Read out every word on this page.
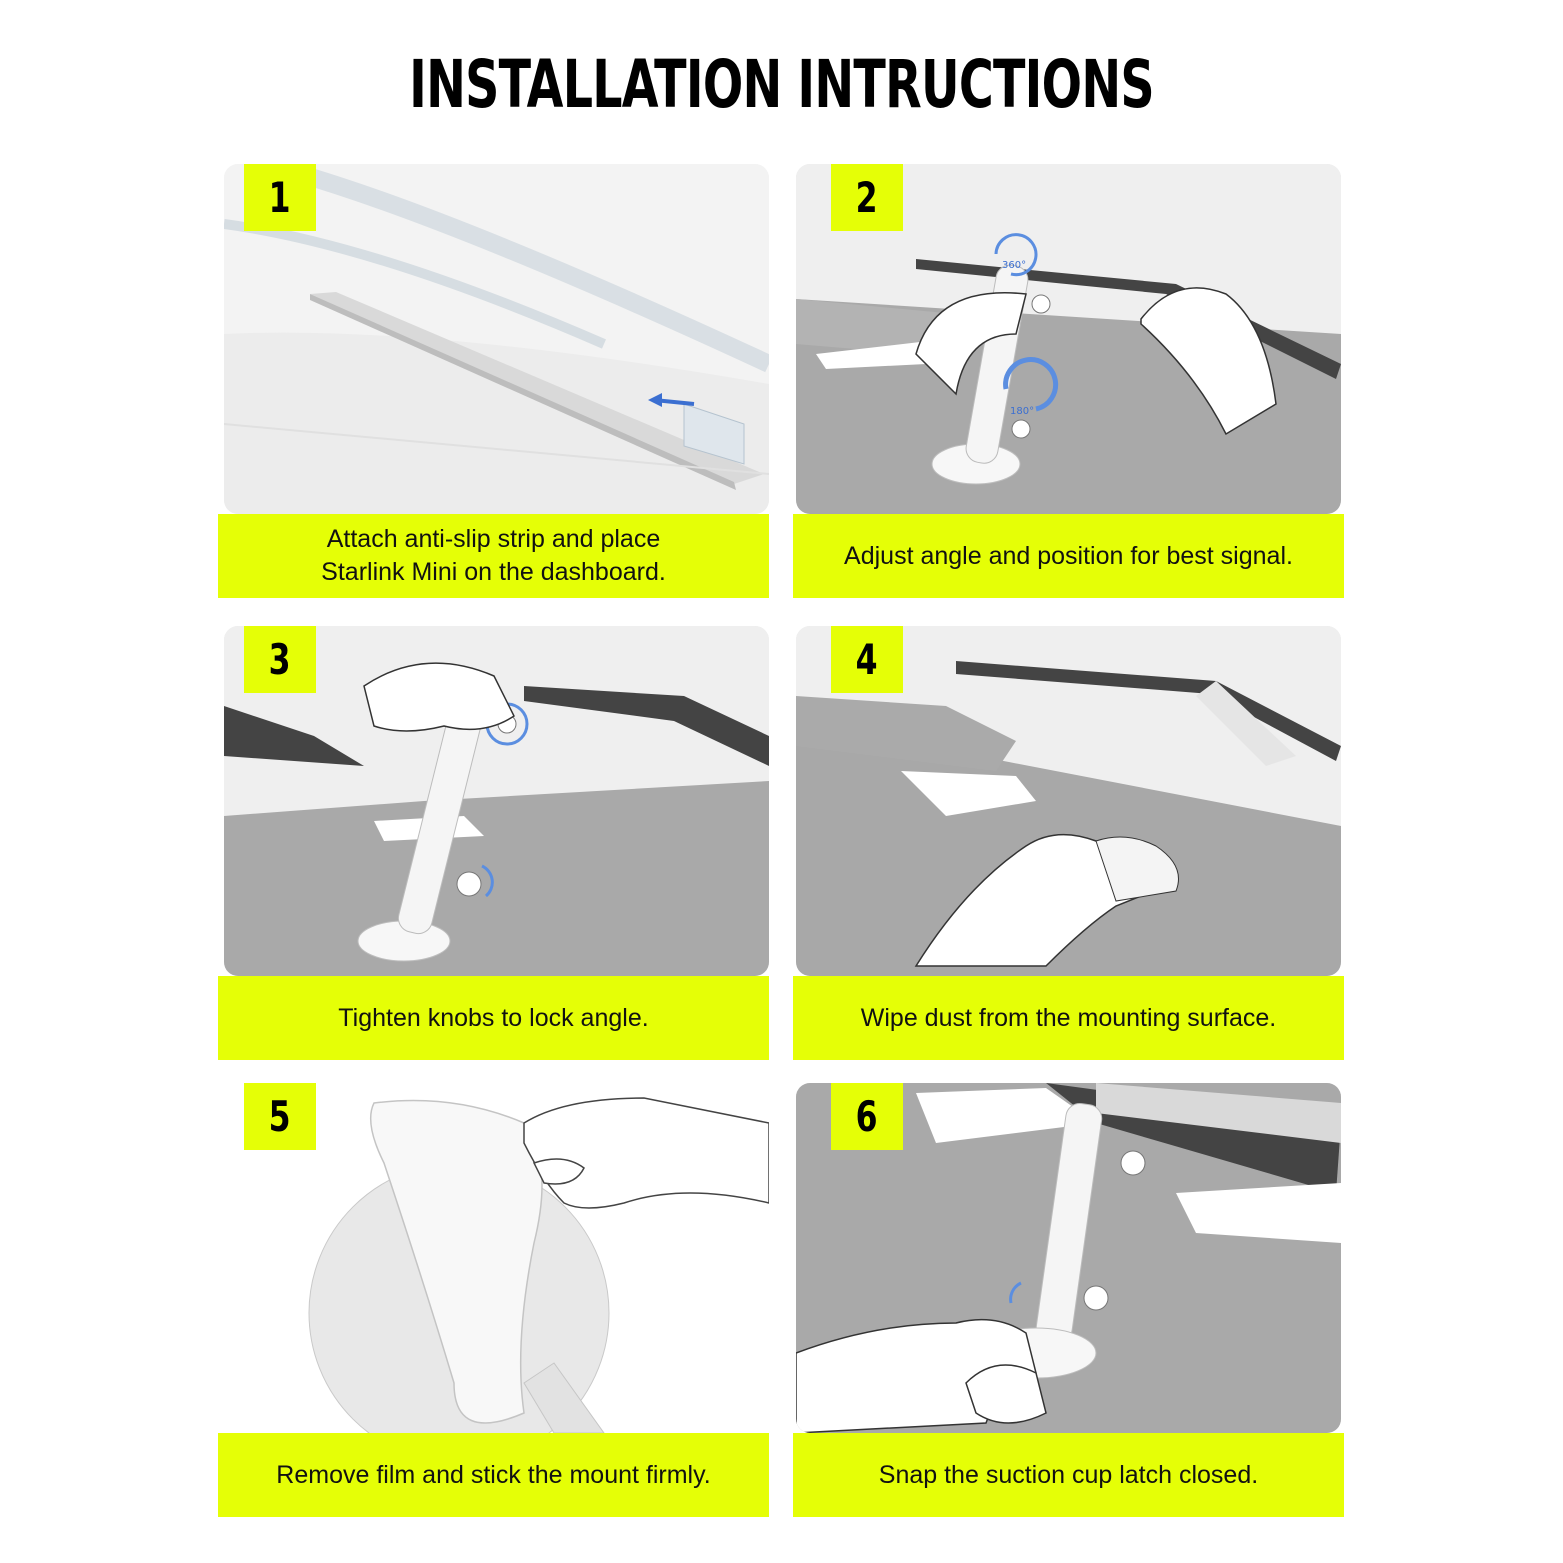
INSTALLATION INTRUCTIONS
1
Attach anti-slip strip and place
Starlink Mini on the dashboard.
360°
180°
2
Adjust angle and position for best signal.
3
Tighten knobs to lock angle.
4
Wipe dust from the mounting surface.
5
Remove film and stick the mount firmly.
6
Snap the suction cup latch closed.
